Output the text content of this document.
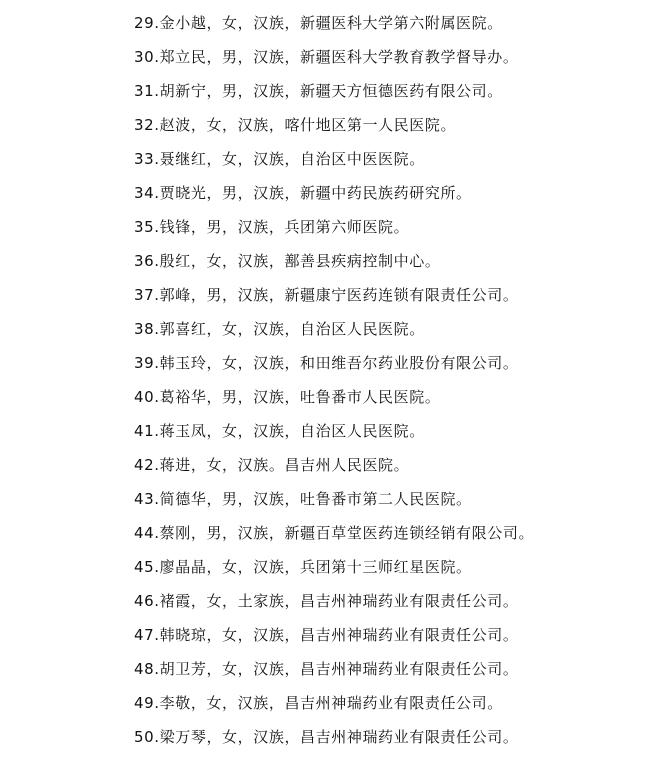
29.金小越，女，汉族，新疆医科大学第六附属医院。
30.郑立民，男，汉族，新疆医科大学教育教学督导办。
31.胡新宁，男，汉族，新疆天方恒德医药有限公司。
32.赵波，女，汉族，喀什地区第一人民医院。
33.聂继红，女，汉族，自治区中医医院。
34.贾晓光，男，汉族，新疆中药民族药研究所。
35.钱锋，男，汉族，兵团第六师医院。
36.殷红，女，汉族，鄯善县疾病控制中心。
37.郭峰，男，汉族，新疆康宁医药连锁有限责任公司。
38.郭喜红，女，汉族，自治区人民医院。
39.韩玉玲，女，汉族，和田维吾尔药业股份有限公司。
40.葛裕华，男，汉族，吐鲁番市人民医院。
41.蒋玉凤，女，汉族，自治区人民医院。
42.蒋进，女，汉族。昌吉州人民医院。
43.简德华，男，汉族，吐鲁番市第二人民医院。
44.蔡刚，男，汉族，新疆百草堂医药连锁经销有限公司。
45.廖晶晶，女，汉族，兵团第十三师红星医院。
46.褚霞，女，土家族，昌吉州神瑞药业有限责任公司。
47.韩晓琼，女，汉族，昌吉州神瑞药业有限责任公司。
48.胡卫芳，女，汉族，昌吉州神瑞药业有限责任公司。
49.李敬，女，汉族，昌吉州神瑞药业有限责任公司。
50.梁万琴，女，汉族，昌吉州神瑞药业有限责任公司。
